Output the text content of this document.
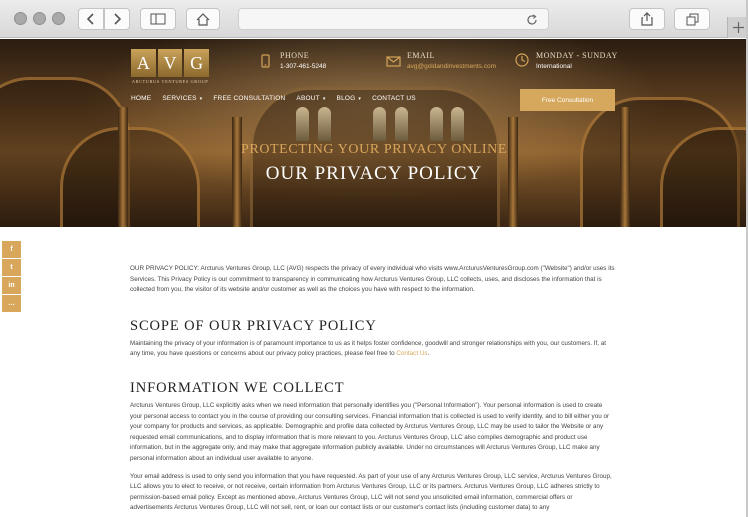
A V G
ARCTURUS VENTURES GROUP
PHONE
1-307-461-5248
EMAIL
avg@goldandinvestments.com
MONDAY - SUNDAY
International
HOME SERVICES ▾ FREE CONSULTATION ABOUT ▾ BLOG ▾ CONTACT US	Free Consultation
PROTECTING YOUR PRIVACY ONLINE
OUR PRIVACY POLICY
f
t
in
…

OUR PRIVACY POLICY: Arcturus Ventures Group, LLC (AVG) respects the privacy of every individual who visits www.ArcturusVenturesGroup.com ("Website") and/or uses its Services. This Privacy Policy is our commitment to transparency in communicating how Arcturus Ventures Group, LLC collects, uses, and discloses the information that is collected from you, the visitor of its website and/or customer as well as the choices you have with respect to the information.

SCOPE OF OUR PRIVACY POLICY

Maintaining the privacy of your information is of paramount importance to us as it helps foster confidence, goodwill and stronger relationships with you, our customers. If, at any time, you have questions or concerns about our privacy policy practices, please feel free to Contact Us.

INFORMATION WE COLLECT

Arcturus Ventures Group, LLC explicitly asks when we need information that personally identifies you ("Personal Information"). Your personal information is used to create your personal access to contact you in the course of providing our consulting services. Financial information that is collected is used to verify identity, and to bill either you or your company for products and services, as applicable. Demographic and profile data collected by Arcturus Ventures Group, LLC may be used to tailor the Website or any requested email communications, and to display information that is more relevant to you. Arcturus Ventures Group, LLC also compiles demographic and product use information, but in the aggregate only, and may make that aggregate information publicly available. Under no circumstances will Arcturus Ventures Group, LLC make any personal information about an individual user available to anyone.

Your email address is used to only send you information that you have requested. As part of your use of any Arcturus Ventures Group, LLC service, Arcturus Ventures Group, LLC allows you to elect to receive, or not receive, certain information from Arcturus Ventures Group, LLC or its partners. Arcturus Ventures Group, LLC adheres strictly to permission-based email policy. Except as mentioned above, Arcturus Ventures Group, LLC will not send you unsolicited email information, commercial offers or advertisements Arcturus Ventures Group, LLC will not sell, rent, or loan our contact lists or our customer's contact lists (including customer data) to any
